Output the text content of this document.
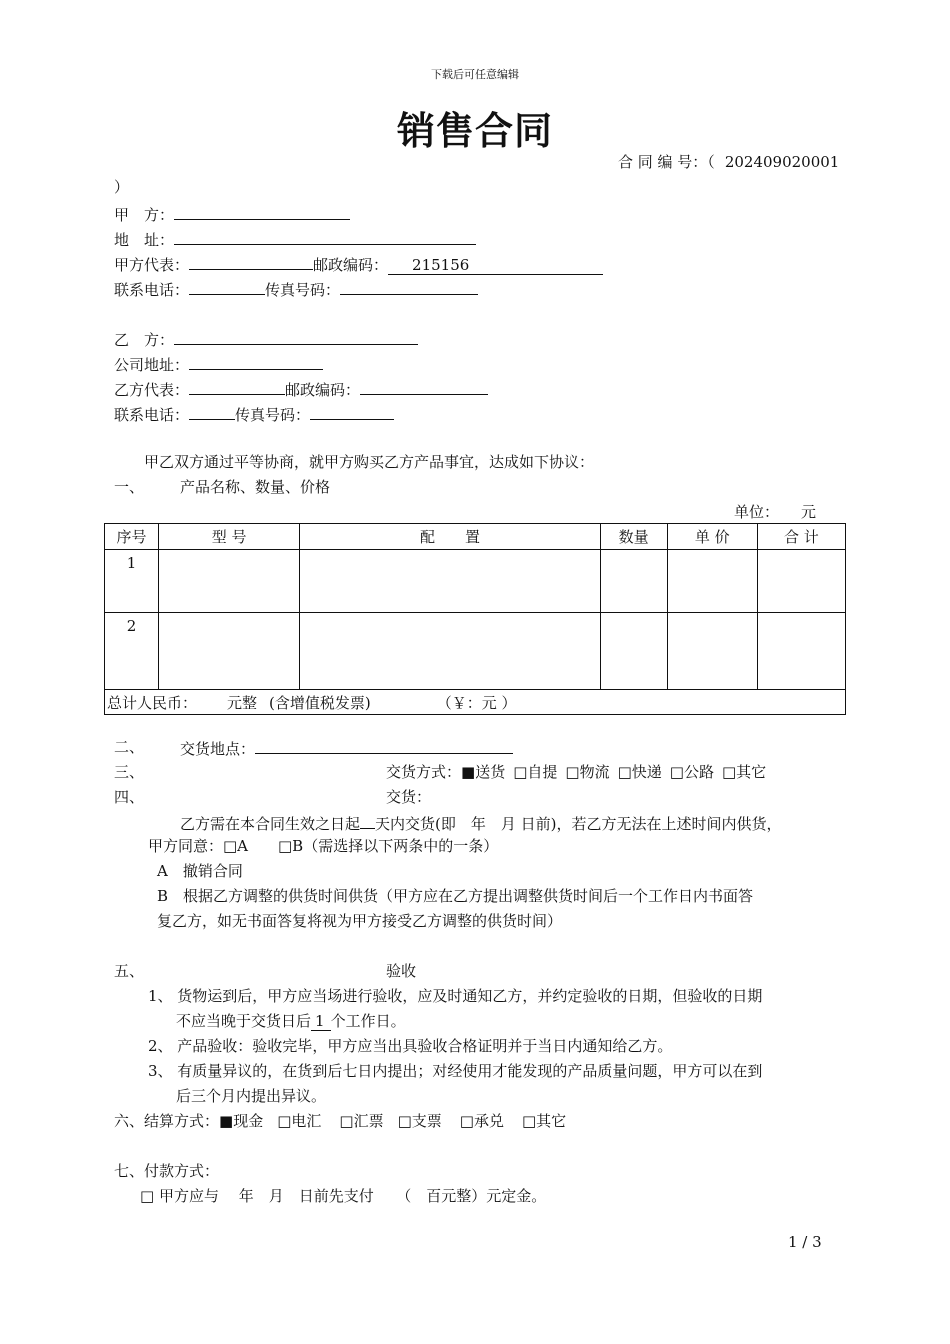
下载后可任意编辑
销售合同
合 同 编 号：（ 202409020001
）
甲　方：
地　址：
甲方代表：	邮政编码： 215156
联系电话：	传真号码：
乙　方：
公司地址：
乙方代表：	邮政编码：
联系电话：	传真号码：
甲乙双方通过平等协商，就甲方购买乙方产品事宜，达成如下协议：
一、 产品名称、数量、价格
单位： 元
序号	型 号	配　　置	数量	单 价	合 计
1					
2					
总计人民币： 元整 (含增值税发票) （￥：元 ）					
二、 交货地点：
三、	交货方式：■送货 □自提 □物流 □快递 □公路 □其它
四、	交货：
乙方需在本合同生效之日起 天内交货(即　年　月 日前)，若乙方无法在上述时间内供货，
甲方同意：□A　　□B（需选择以下两条中的一条）
A　撤销合同
B　根据乙方调整的供货时间供货（甲方应在乙方提出调整供货时间后一个工作日内书面答
复乙方，如无书面答复将视为甲方接受乙方调整的供货时间）
五、	验收
1、 货物运到后，甲方应当场进行验收，应及时通知乙方，并约定验收的日期，但验收的日期
不应当晚于交货日后 1 个工作日。
2、 产品验收：验收完毕，甲方应当出具验收合格证明并于当日内通知给乙方。
3、 有质量异议的，在货到后七日内提出；对经使用才能发现的产品质量问题，甲方可以在到
后三个月内提出异议。
六、结算方式：■现金 □电汇 □汇票 □支票 □承兑 □其它
七、付款方式：
□ 甲方应与　 年　月　日前先支付　　（　百元整）元定金。
1 / 3
